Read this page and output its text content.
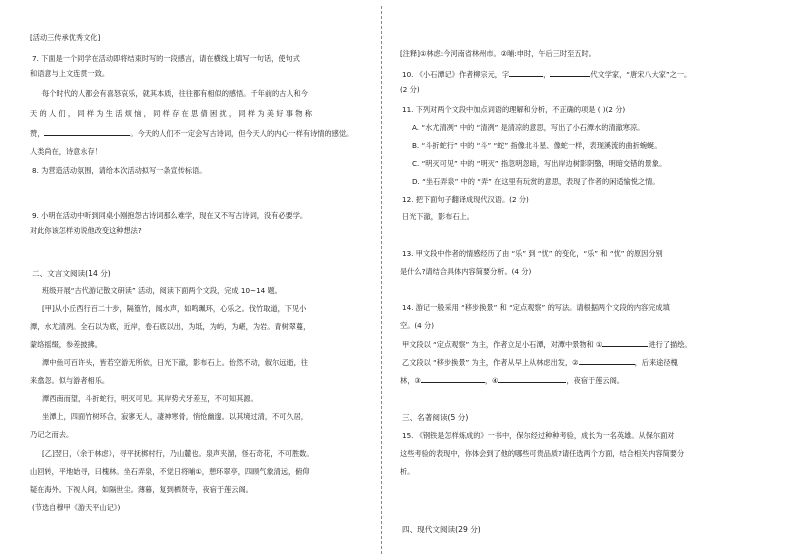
[活动三传承优秀文化]
7. 下面是一个同学在活动即将结束时写的一段感言，请在横线上填写一句话，使句式
和语意与上文连贯一致。
每个时代的人都会有喜怒哀乐，就其本质，往往都有相似的感悟。千年前的古人和今
天 的 人 们 ， 同 样 为 生 活 烦 恼 ， 同 样 存 在 思 倩 困 扰 ， 同 样 为 美 好 事 物 称
赞，	。今天的人们不一定会写古诗词，但今天人的内心一样有诗情的感觉。
人类尚在，诗意永存！
8. 为营造活动氛围，请给本次活动拟写一条宣传标语。
9. 小明在活动中听到同桌小刚抱怨古诗词那么难学，现在又不写古诗词，没有必要学。
对此你该怎样劝说他改变这种想法?
二、文言文阅读(14 分)
班级开展“古代游记散文研读” 活动，阅读下面两个文段，完成 10~14 题。
[甲]从小丘西行百二十步，隔篁竹，闻水声，如鸣珮环，心乐之。伐竹取道，下见小
潭，水尤清冽。全石以为底，近岸，卷石底以出，为坻，为屿，为嵁，为岩。青树翠蔓，
蒙络摇缀，参差披拂。
潭中鱼可百许头，皆若空游无所依，日光下澈，影布石上。佁然不动，俶尔远逝，往
来翕忽。似与游者相乐。
潭西南而望，斗折蛇行，明灭可见。其岸势犬牙差互，不可知其源。
坐潭上，四面竹树环合，寂寥无人，凄神寒骨，悄怆幽邃。以其境过清，不可久居，
乃记之而去。
[乙]翌日，（余于林虑），寻平抚梆村行，乃山麓也。泉声夹溜，怪石奇花，不可胜数。
山回转，平地始寻，曰槐林。坐石弄泉，不觉日将晡①，憩环翠亭，四顾气象清远，俯仰
疑在海外。下视人间，如隔世尘。薄暮，复到栖贤寺，夜宿于莲云阁。
(节选自穆甲《游天平山记》)
[注释]①林虑:今河南省林州市。②晡:申时，午后三时至五时。
10. 《小石潭记》作者柳宗元，字	，	代文学家，“唐宋八大家”之一。
(2 分)
11. 下列对两个文段中加点词语的理解和分析，不正确的项是 ( )(2 分)
A. “水尤清冽” 中的 “清冽” 是清凉的意思，写出了小石潭水的清澈寒凉。
B. “斗折蛇行” 中的 “斗” “蛇” 指像北斗星、像蛇一样，表现溪流的曲折蜿蜒。
C. “明灭可见” 中的 “明灭” 指忽明忽暗，写出岸边树影阴翳，明暗交错的景象。
D. “坐石弄泉” 中的 “弄” 在这里有玩赏的意思，表现了作者的闲适愉悦之情。
12. 把下面句子翻译成现代汉语。(2 分)
日光下澈，影布石上。
13. 甲文段中作者的情感经历了由 “乐” 到 “忧” 的变化，“乐” 和 “忧” 的原因分别
是什么?请结合具体内容简要分析。(4 分)
14. 游记一般采用 “移步换景” 和 “定点观察” 的写法。请根据两个文段的内容完成填
空。(4 分)
甲文段以 “定点观察” 为主，作者立足小石潭，对潭中景物和 ①	进行了描绘。
乙文段以 “移步换景” 为主，作者从早上从林虑出发，②	，后来途径槐
林，③	，④	，夜宿于莲云阁。
三、名著阅读(5 分)
15. 《钢铁是怎样炼成的》一书中，保尔经过种种考验，成长为一名英雄。从保尔面对
这些考验的表现中，你体会到了他的哪些可贵品质?请任选两个方面，结合相关内容简要分
析。
四、现代文阅读(29 分)
